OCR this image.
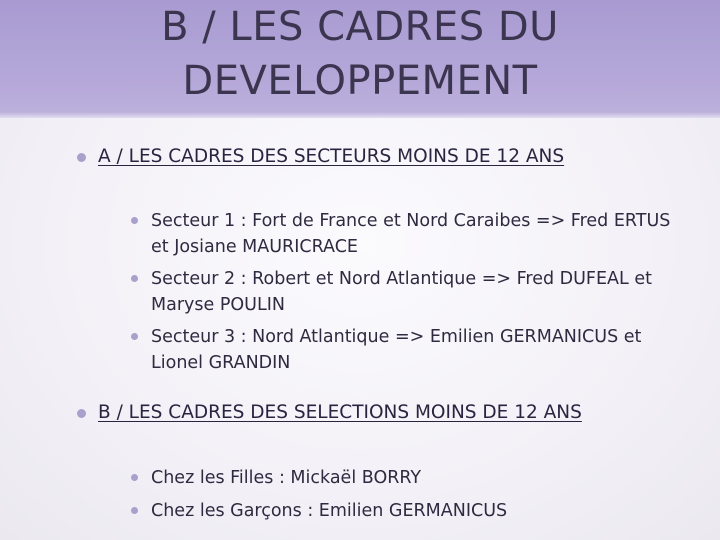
B / LES CADRES DU DEVELOPPEMENT
A / LES CADRES DES SECTEURS MOINS DE 12 ANS
Secteur 1 : Fort de France et Nord Caraibes => Fred ERTUS et Josiane MAURICRACE
Secteur 2 : Robert et Nord Atlantique => Fred DUFEAL et Maryse POULIN
Secteur 3 : Nord Atlantique => Emilien GERMANICUS et Lionel GRANDIN
B / LES CADRES DES SELECTIONS MOINS DE 12 ANS
Chez les Filles : Mickaël BORRY
Chez les Garçons : Emilien GERMANICUS
